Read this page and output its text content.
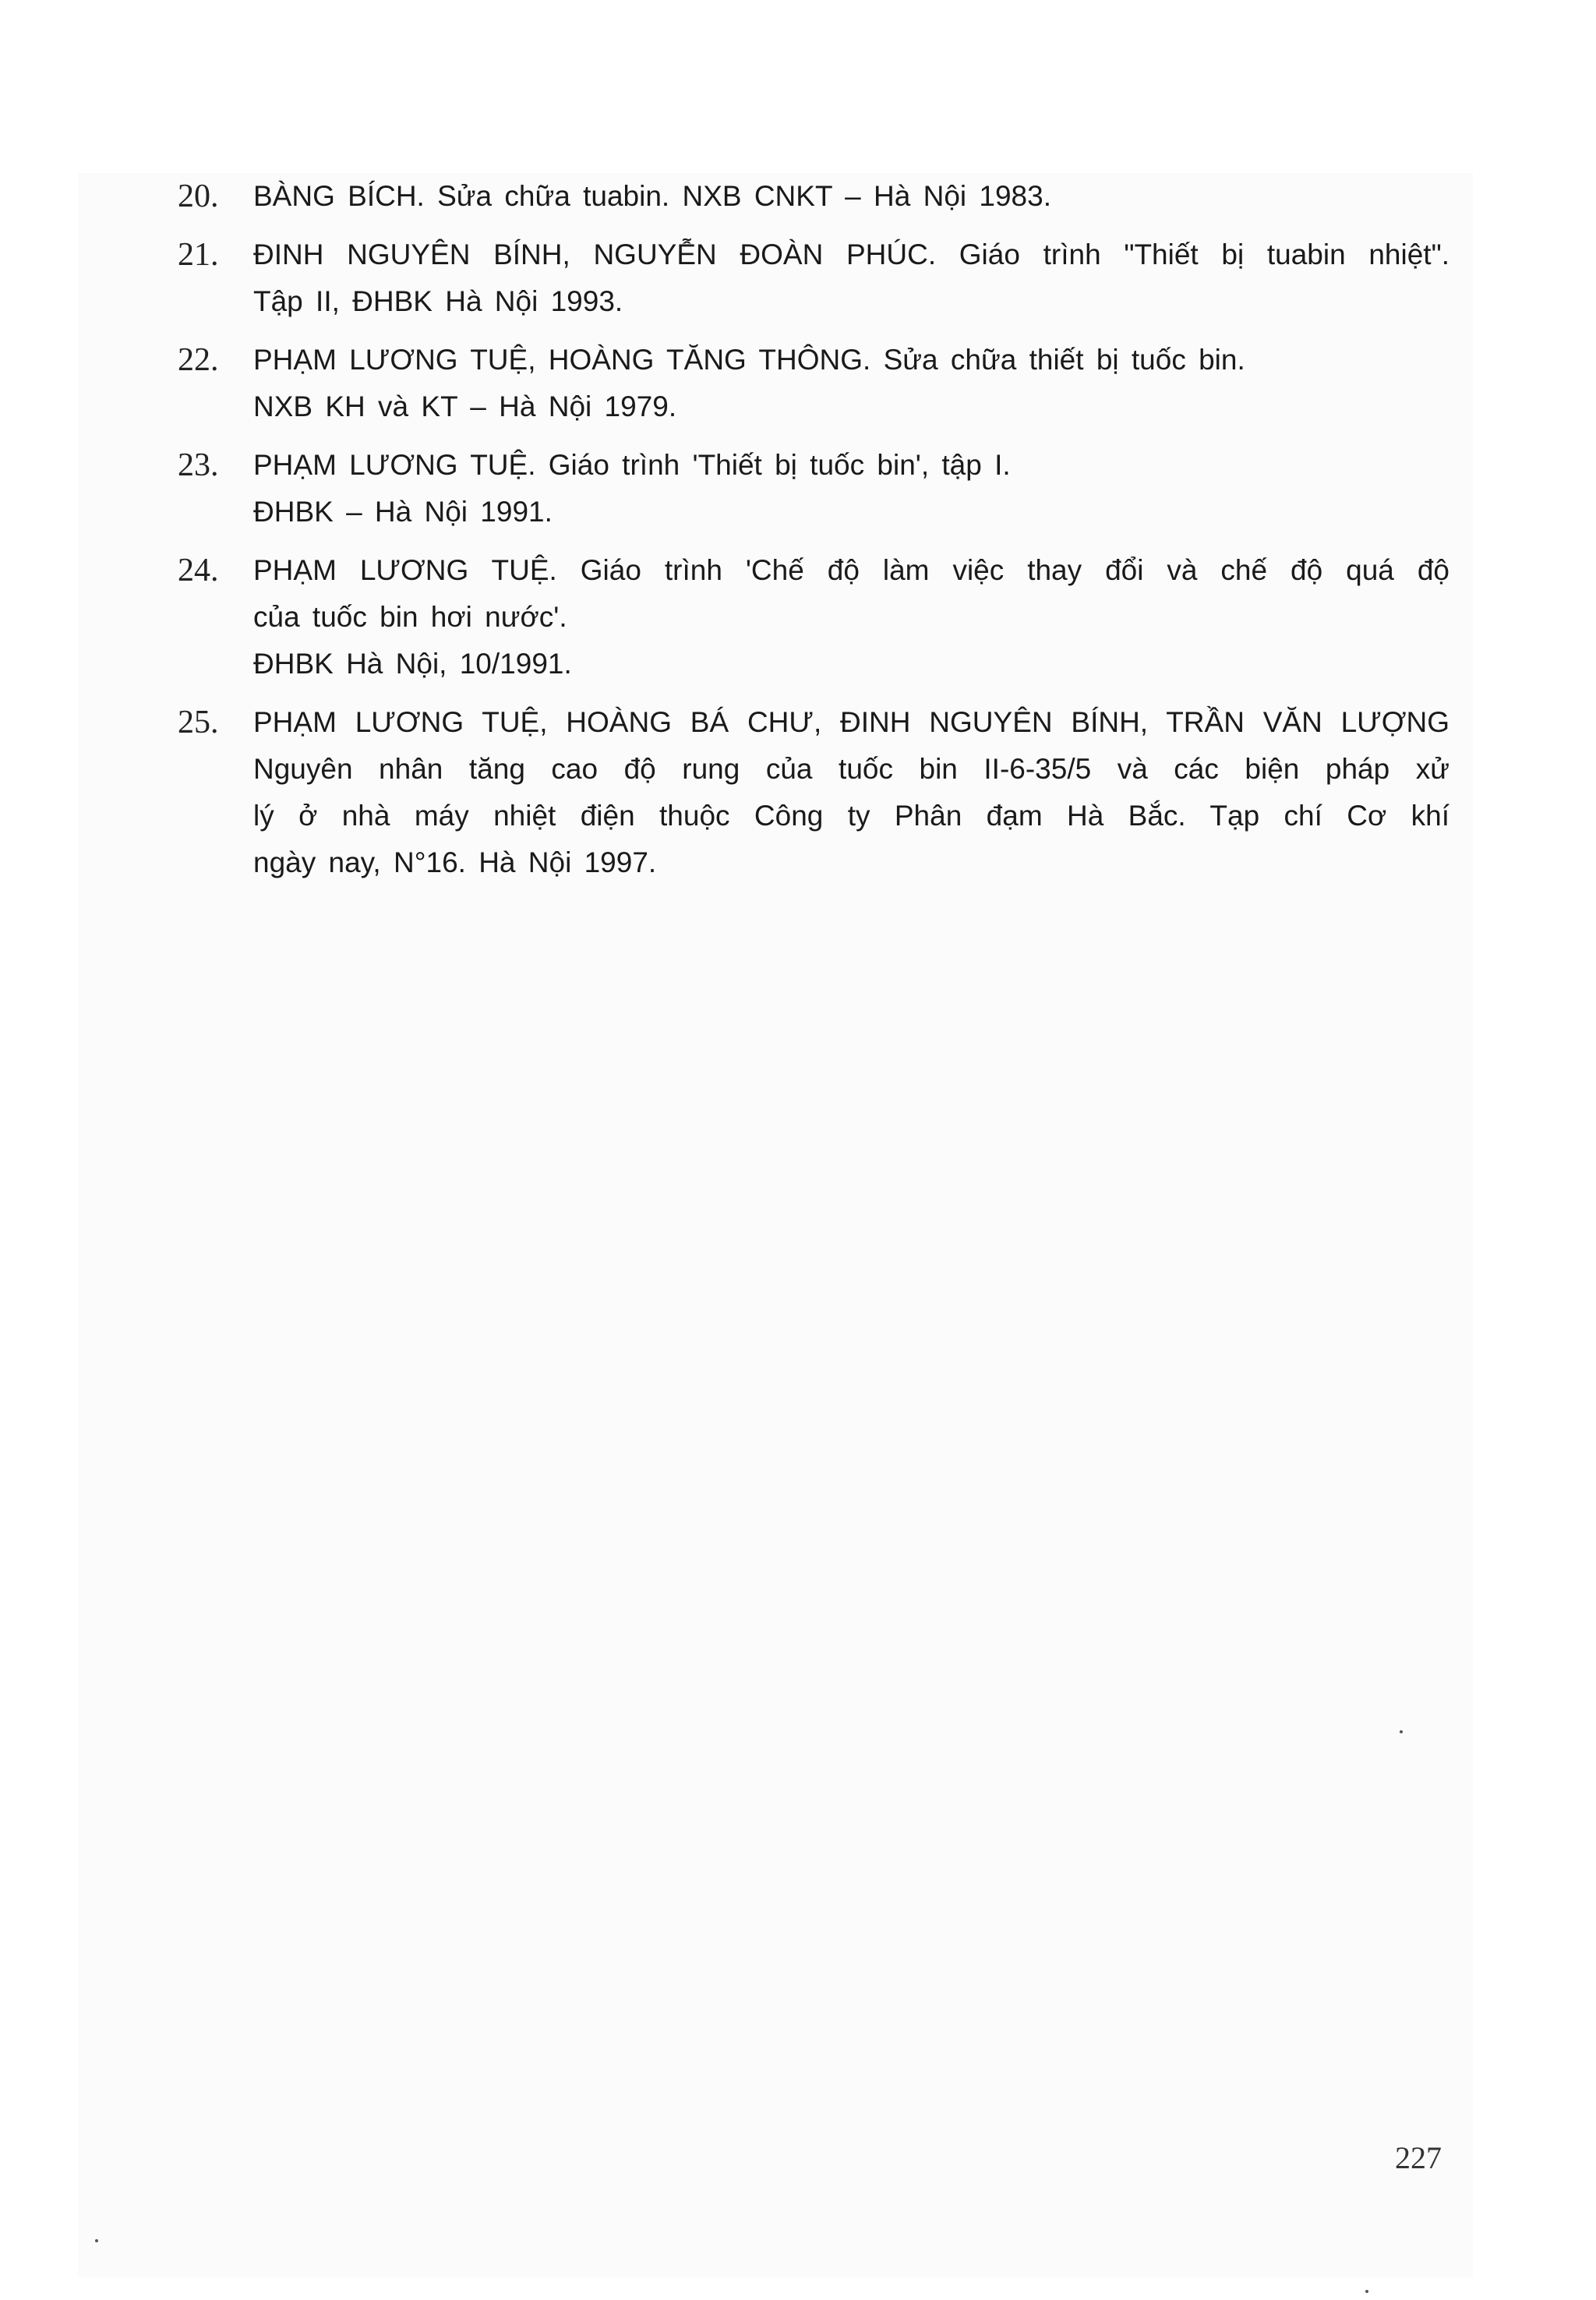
20. BÀNG BÍCH. Sửa chữa tuabin. NXB CNKT – Hà Nội 1983.
21. ĐINH NGUYÊN BÍNH, NGUYỄN ĐOÀN PHÚC. Giáo trình "Thiết bị tuabin nhiệt".
Tập II, ĐHBK Hà Nội 1993.
22. PHẠM LƯƠNG TUỆ, HOÀNG TĂNG THÔNG. Sửa chữa thiết bị tuốc bin.
NXB KH và KT – Hà Nội 1979.
23. PHẠM LƯƠNG TUỆ. Giáo trình 'Thiết bị tuốc bin', tập I.
ĐHBK – Hà Nội 1991.
24. PHẠM LƯƠNG TUỆ. Giáo trình 'Chế độ làm việc thay đổi và chế độ quá độ
của tuốc bin hơi nước'.
ĐHBK Hà Nội, 10/1991.
25. PHẠM LƯƠNG TUỆ, HOÀNG BÁ CHƯ, ĐINH NGUYÊN BÍNH, TRẦN VĂN LƯỢNG
Nguyên nhân tăng cao độ rung của tuốc bin II-6-35/5 và các biện pháp xử
lý ở nhà máy nhiệt điện thuộc Công ty Phân đạm Hà Bắc. Tạp chí Cơ khí
ngày nay, N°16. Hà Nội 1997.
227
